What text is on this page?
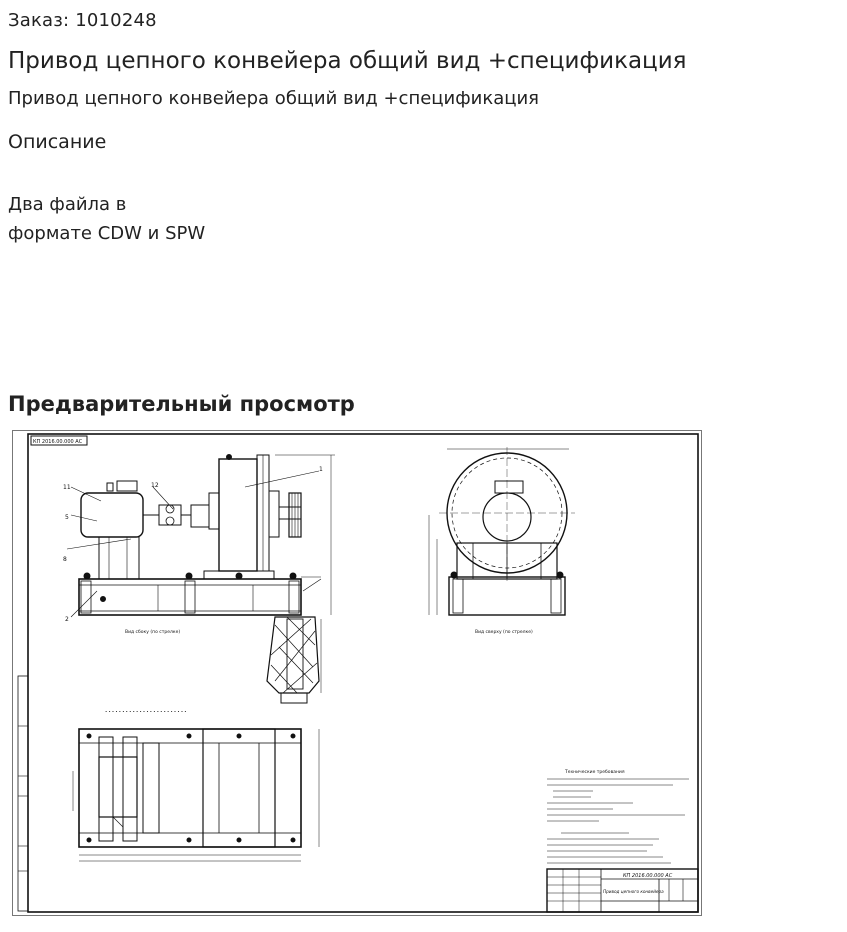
Заказ: 1010248
Привод цепного конвейера общий вид +спецификация
Привод цепного конвейера общий вид +спецификация
Описание
Два файла в
формате CDW и SPW
Предварительный просмотр
КП 2016.00.000 АС
11
5
8
2
1
12
Вид сбоку (по стрелке)	Вид сверху (по стрелке)
• • • • • • • • • • • • • • • • • • • • • • • •
Технические требования
КП 2016.00.000 АС
Привод цепного конвейера
